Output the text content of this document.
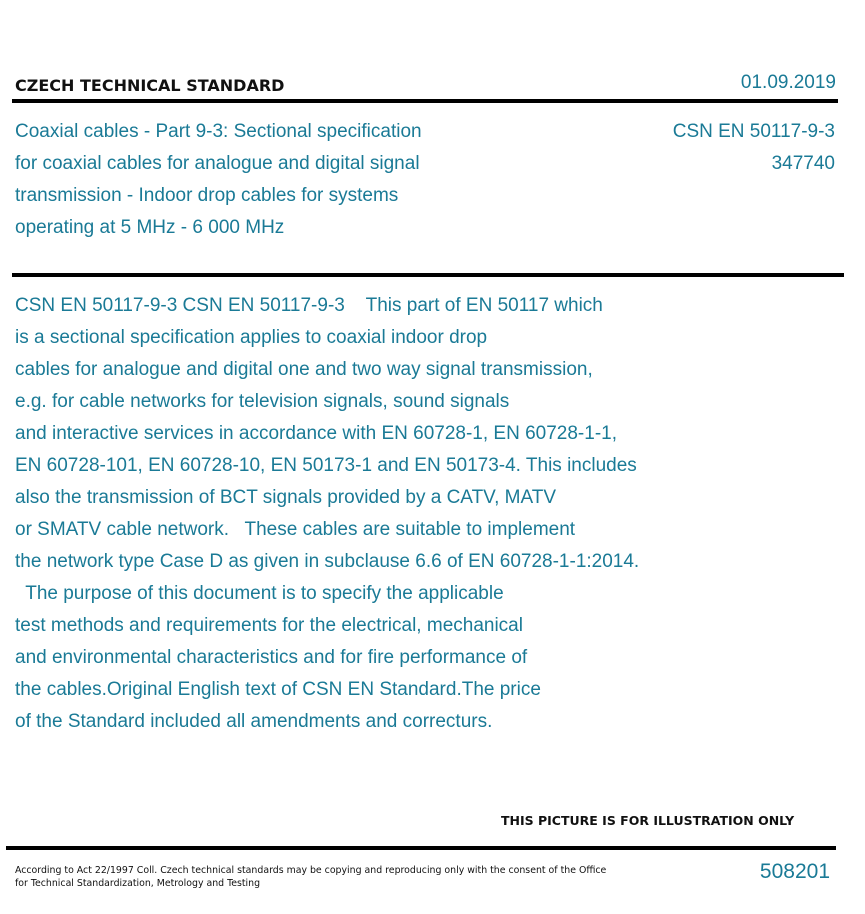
CZECH TECHNICAL STANDARD	01.09.2019
Coaxial cables - Part 9-3: Sectional specification
for coaxial cables for analogue and digital signal
transmission - Indoor drop cables for systems
operating at 5 MHz - 6 000 MHz
CSN EN 50117-9-3
347740
CSN EN 50117-9-3 CSN EN 50117-9-3    This part of EN 50117 which
is a sectional specification applies to coaxial indoor drop
cables for analogue and digital one and two way signal transmission,
e.g. for cable networks for television signals, sound signals
and interactive services in accordance with EN 60728-1, EN 60728-1-1,
EN 60728-101, EN 60728-10, EN 50173-1 and EN 50173-4. This includes
also the transmission of BCT signals provided by a CATV, MATV
or SMATV cable network.   These cables are suitable to implement
the network type Case D as given in subclause 6.6 of EN 60728-1-1:2014.
The purpose of this document is to specify the applicable
test methods and requirements for the electrical, mechanical
and environmental characteristics and for fire performance of
the cables.Original English text of CSN EN Standard.The price
of the Standard included all amendments and correcturs.
THIS PICTURE IS FOR ILLUSTRATION ONLY
According to Act 22/1997 Coll. Czech technical standards may be copying and reproducing only with the consent of the Office
for Technical Standardization, Metrology and Testing
508201
